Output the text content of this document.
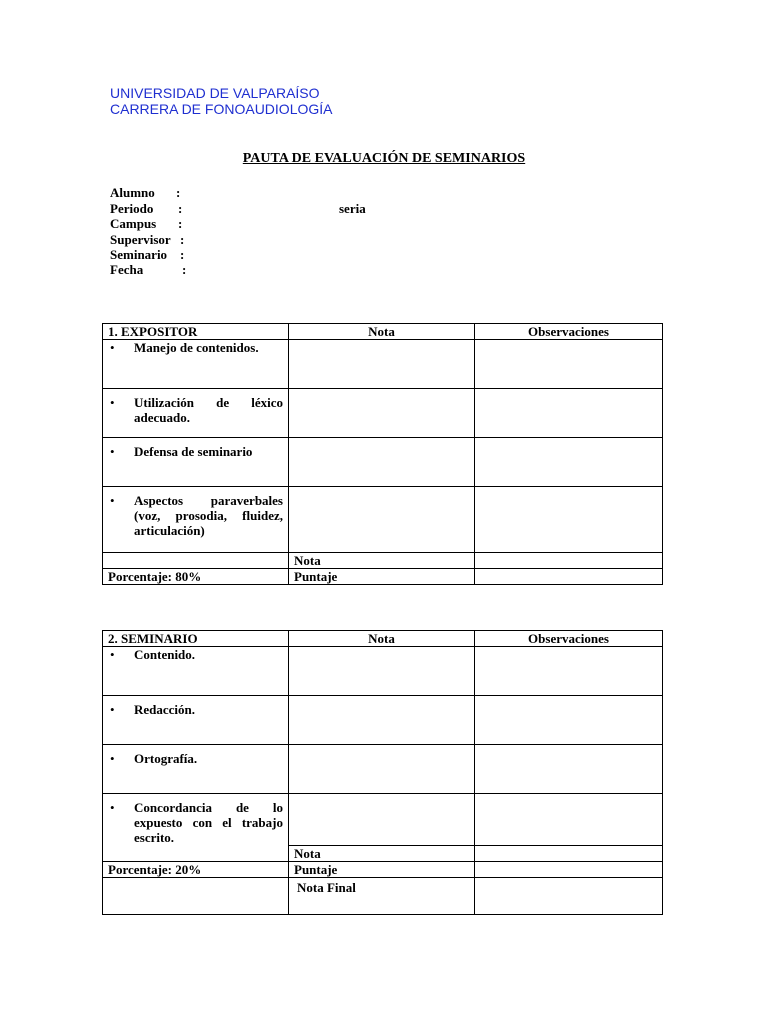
UNIVERSIDAD DE VALPARAÍSO
CARRERA DE FONOAUDIOLOGÍA
PAUTA DE EVALUACIÓN DE SEMINARIOS
Alumno :
Periodo :
Campus :
Supervisor :
Seminario :
Fecha	:
seria
1. EXPOSITOR	Nota	Observaciones

• Manejo de contenidos.		

• Utilización de léxico adecuado.		

• Defensa de seminario		

• Aspectos paraverbales (voz, prosodia, fluidez, articulación)		

	Nota	
Porcentaje: 80%	Puntaje	
2. SEMINARIO	Nota	Observaciones

• Contenido.		

• Redacción.		

• Ortografía.		

• Concordancia de lo expuesto con el trabajo escrito.		

	Nota	
Porcentaje: 20%	Puntaje	
	Nota Final	
